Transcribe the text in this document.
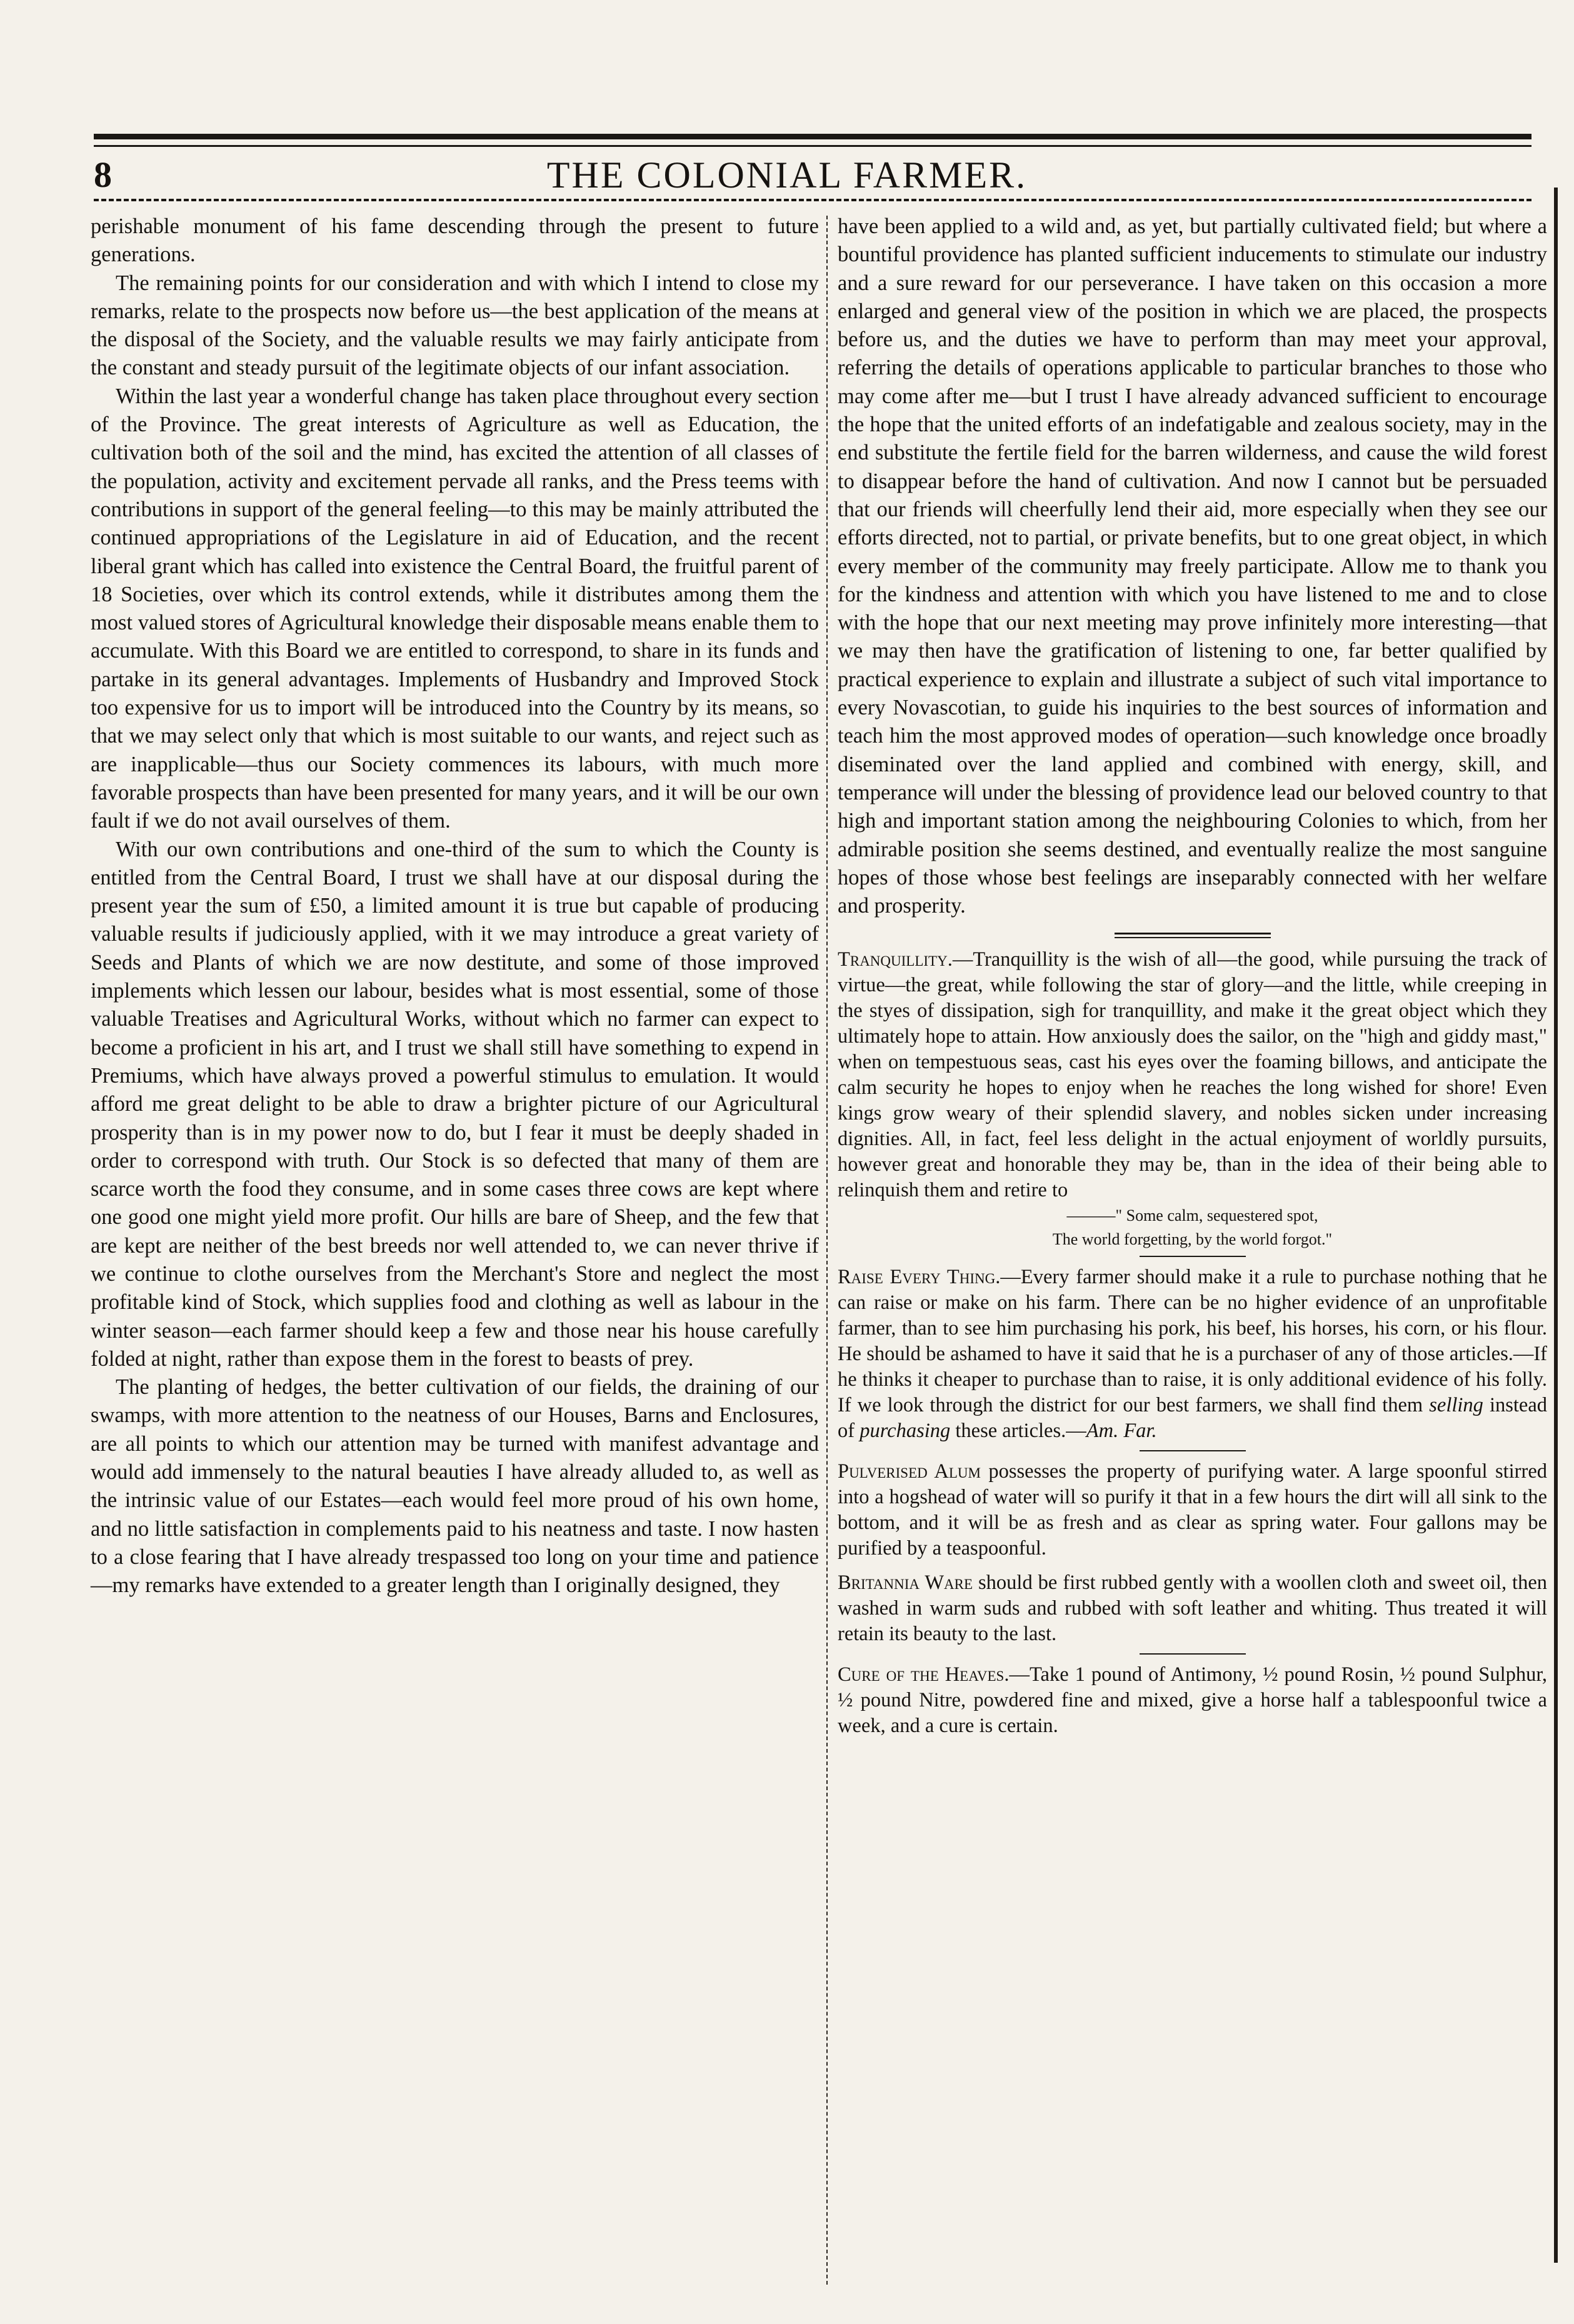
8	THE COLONIAL FARMER.

perishable monument of his fame descending through the present to future generations.

The remaining points for our consideration and with which I intend to close my remarks, relate to the prospects now before us—the best application of the means at the disposal of the Society, and the valuable results we may fairly anticipate from the constant and steady pursuit of the legitimate objects of our infant association.

Within the last year a wonderful change has taken place throughout every section of the Province. The great interests of Agriculture as well as Education, the cultivation both of the soil and the mind, has excited the attention of all classes of the population, activity and excitement pervade all ranks, and the Press teems with contributions in support of the general feeling—to this may be mainly attributed the continued appropriations of the Legislature in aid of Education, and the recent liberal grant which has called into existence the Central Board, the fruitful parent of 18 Societies, over which its control extends, while it distributes among them the most valued stores of Agricultural knowledge their disposable means enable them to accumulate. With this Board we are entitled to correspond, to share in its funds and partake in its general advantages. Implements of Husbandry and Improved Stock too expensive for us to import will be introduced into the Country by its means, so that we may select only that which is most suitable to our wants, and reject such as are inapplicable—thus our Society commences its labours, with much more favorable prospects than have been presented for many years, and it will be our own fault if we do not avail ourselves of them.

With our own contributions and one-third of the sum to which the County is entitled from the Central Board, I trust we shall have at our disposal during the present year the sum of £50, a limited amount it is true but capable of producing valuable results if judiciously applied, with it we may introduce a great variety of Seeds and Plants of which we are now destitute, and some of those improved implements which lessen our labour, besides what is most essential, some of those valuable Treatises and Agricultural Works, without which no farmer can expect to become a proficient in his art, and I trust we shall still have something to expend in Premiums, which have always proved a powerful stimulus to emulation. It would afford me great delight to be able to draw a brighter picture of our Agricultural prosperity than is in my power now to do, but I fear it must be deeply shaded in order to correspond with truth. Our Stock is so defected that many of them are scarce worth the food they consume, and in some cases three cows are kept where one good one might yield more profit. Our hills are bare of Sheep, and the few that are kept are neither of the best breeds nor well attended to, we can never thrive if we continue to clothe ourselves from the Merchant's Store and neglect the most profitable kind of Stock, which supplies food and clothing as well as labour in the winter season—each farmer should keep a few and those near his house carefully folded at night, rather than expose them in the forest to beasts of prey.

The planting of hedges, the better cultivation of our fields, the draining of our swamps, with more attention to the neatness of our Houses, Barns and Enclosures, are all points to which our attention may be turned with manifest advantage and would add immensely to the natural beauties I have already alluded to, as well as the intrinsic value of our Estates—each would feel more proud of his own home, and no little satisfaction in complements paid to his neatness and taste. I now hasten to a close fearing that I have already trespassed too long on your time and patience—my remarks have extended to a greater length than I originally designed, they

have been applied to a wild and, as yet, but partially cultivated field; but where a bountiful providence has planted sufficient inducements to stimulate our industry and a sure reward for our perseverance. I have taken on this occasion a more enlarged and general view of the position in which we are placed, the prospects before us, and the duties we have to perform than may meet your approval, referring the details of operations applicable to particular branches to those who may come after me—but I trust I have already advanced sufficient to encourage the hope that the united efforts of an indefatigable and zealous society, may in the end substitute the fertile field for the barren wilderness, and cause the wild forest to disappear before the hand of cultivation. And now I cannot but be persuaded that our friends will cheerfully lend their aid, more especially when they see our efforts directed, not to partial, or private benefits, but to one great object, in which every member of the community may freely participate. Allow me to thank you for the kindness and attention with which you have listened to me and to close with the hope that our next meeting may prove infinitely more interesting—that we may then have the gratification of listening to one, far better qualified by practical experience to explain and illustrate a subject of such vital importance to every Novascotian, to guide his inquiries to the best sources of information and teach him the most approved modes of operation—such knowledge once broadly diseminated over the land applied and combined with energy, skill, and temperance will under the blessing of providence lead our beloved country to that high and important station among the neighbouring Colonies to which, from her admirable position she seems destined, and eventually realize the most sanguine hopes of those whose best feelings are inseparably connected with her welfare and prosperity.

Tranquillity.—Tranquillity is the wish of all—the good, while pursuing the track of virtue—the great, while following the star of glory—and the little, while creeping in the styes of dissipation, sigh for tranquillity, and make it the great object which they ultimately hope to attain. How anxiously does the sailor, on the "high and giddy mast," when on tempestuous seas, cast his eyes over the foaming billows, and anticipate the calm security he hopes to enjoy when he reaches the long wished for shore! Even kings grow weary of their splendid slavery, and nobles sicken under increasing dignities. All, in fact, feel less delight in the actual enjoyment of worldly pursuits, however great and honorable they may be, than in the idea of their being able to relinquish them and retire to

———" Some calm, sequestered spot,
The world forgetting, by the world forgot."

Raise Every Thing.—Every farmer should make it a rule to purchase nothing that he can raise or make on his farm. There can be no higher evidence of an unprofitable farmer, than to see him purchasing his pork, his beef, his horses, his corn, or his flour. He should be ashamed to have it said that he is a purchaser of any of those articles.—If he thinks it cheaper to purchase than to raise, it is only additional evidence of his folly. If we look through the district for our best farmers, we shall find them selling instead of purchasing these articles.—Am. Far.

Pulverised Alum possesses the property of purifying water. A large spoonful stirred into a hogshead of water will so purify it that in a few hours the dirt will all sink to the bottom, and it will be as fresh and as clear as spring water. Four gallons may be purified by a teaspoonful.

Britannia Ware should be first rubbed gently with a woollen cloth and sweet oil, then washed in warm suds and rubbed with soft leather and whiting. Thus treated it will retain its beauty to the last.

Cure of the Heaves.—Take 1 pound of Antimony, ½ pound Rosin, ½ pound Sulphur, ½ pound Nitre, powdered fine and mixed, give a horse half a tablespoonful twice a week, and a cure is certain.
